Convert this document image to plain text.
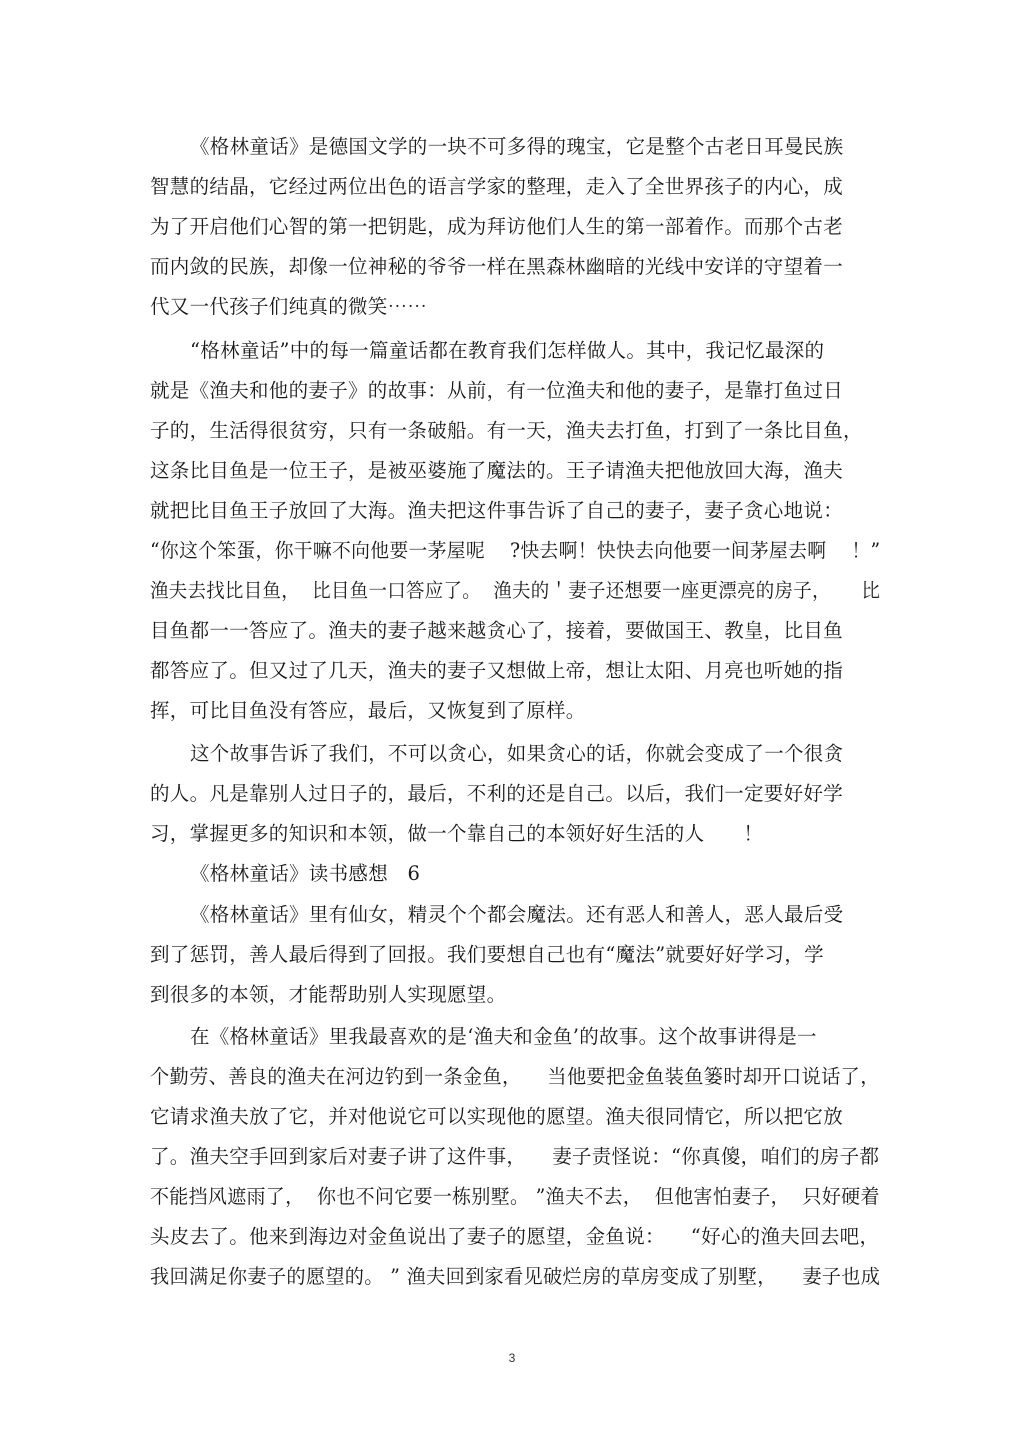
《格林童话》是德国文学的一块不可多得的瑰宝，它是整个古老日耳曼民族
智慧的结晶，它经过两位出色的语言学家的整理，走入了全世界孩子的内心，成
为了开启他们心智的第一把钥匙，成为拜访他们人生的第一部着作。而那个古老
而内敛的民族，却像一位神秘的爷爷一样在黑森林幽暗的光线中安详的守望着一
代又一代孩子们纯真的微笑⋯⋯
“格林童话”中的每一篇童话都在教育我们怎样做人。其中，我记忆最深的
就是《渔夫和他的妻子》的故事：从前，有一位渔夫和他的妻子，是靠打鱼过日
子的，生活得很贫穷，只有一条破船。有一天，渔夫去打鱼，打到了一条比目鱼，
这条比目鱼是一位王子，是被巫婆施了魔法的。王子请渔夫把他放回大海，渔夫
就把比目鱼王子放回了大海。渔夫把这件事告诉了自己的妻子，妻子贪心地说：
“你这个笨蛋，你干嘛不向他要一茅屋呢    ?快去啊！快快去向他要一间茅屋去啊    ！”
渔夫去找比目鱼，  比目鱼一口答应了。  渔夫的＇妻子还想要一座更漂亮的房子，     比
目鱼都一一答应了。渔夫的妻子越来越贪心了，接着，要做国王、教皇，比目鱼
都答应了。但又过了几天，渔夫的妻子又想做上帝，想让太阳、月亮也听她的指
挥，可比目鱼没有答应，最后，又恢复到了原样。
这个故事告诉了我们，不可以贪心，如果贪心的话，你就会变成了一个很贪
的人。凡是靠别人过日子的，最后，不利的还是自己。以后，我们一定要好好学
习，掌握更多的知识和本领，做一个靠自己的本领好好生活的人      ！
《格林童话》读书感想   6
《格林童话》里有仙女，精灵个个都会魔法。还有恶人和善人，恶人最后受
到了惩罚，善人最后得到了回报。我们要想自己也有“魔法”就要好好学习，学
到很多的本领，才能帮助别人实现愿望。
在《格林童话》里我最喜欢的是‘渔夫和金鱼’的故事。这个故事讲得是一
个勤劳、善良的渔夫在河边钓到一条金鱼，    当他要把金鱼装鱼篓时却开口说话了，
它请求渔夫放了它，并对他说它可以实现他的愿望。渔夫很同情它，所以把它放
了。渔夫空手回到家后对妻子讲了这件事，    妻子责怪说：“你真傻，咱们的房子都
不能挡风遮雨了，  你也不问它要一栋别墅。 ”渔夫不去，  但他害怕妻子，  只好硬着
头皮去了。他来到海边对金鱼说出了妻子的愿望，金鱼说：    “好心的渔夫回去吧，
我回满足你妻子的愿望的。 ” 渔夫回到家看见破烂房的草房变成了别墅，    妻子也成
3
